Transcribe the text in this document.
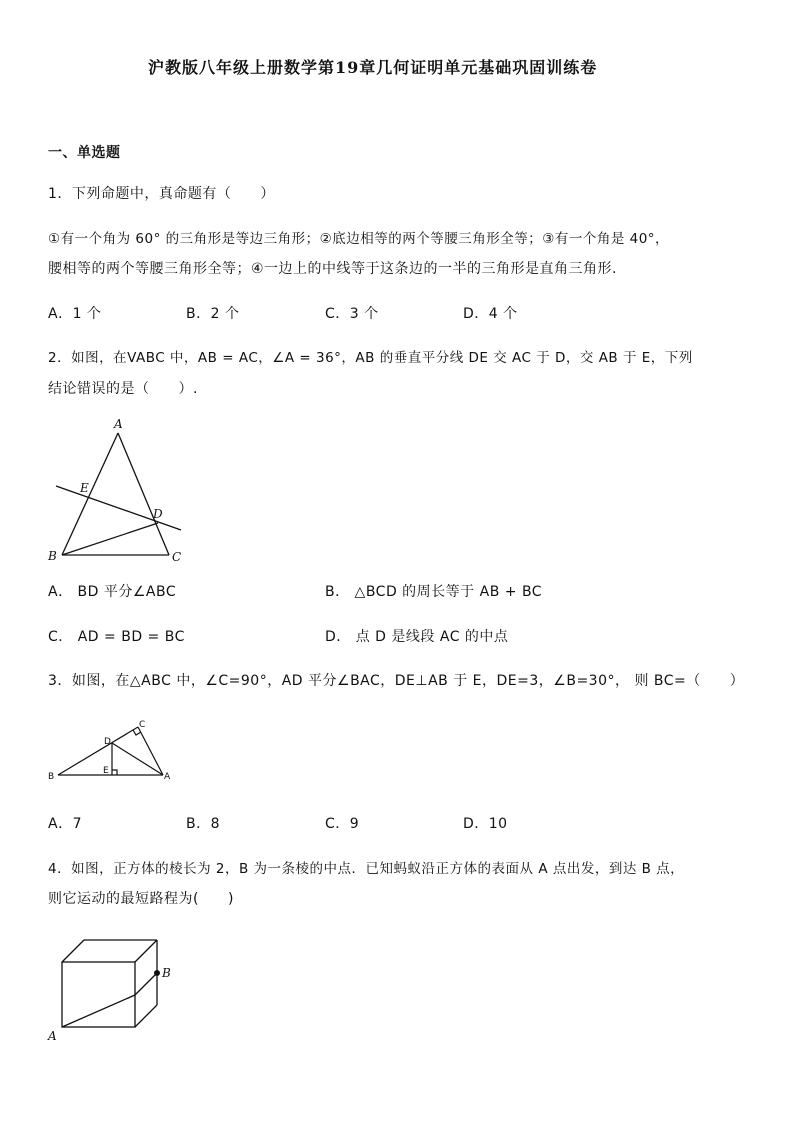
沪教版八年级上册数学第19章几何证明单元基础巩固训练卷
一、单选题
1．下列命题中，真命题有（　　）
①有一个角为 60° 的三角形是等边三角形；②底边相等的两个等腰三角形全等；③有一个角是 40°，
腰相等的两个等腰三角形全等；④一边上的中线等于这条边的一半的三角形是直角三角形.
A．1 个	B．2 个	C．3 个	D．4 个
2．如图，在VABC 中，AB = AC，∠A = 36°，AB 的垂直平分线 DE 交 AC 于 D，交 AB 于 E，下列
结论错误的是（　　）.
A
B	C
D
E
A． BD 平分∠ABC	B． △BCD 的周长等于 AB + BC
C． AD = BD = BC	D． 点 D 是线段 AC 的中点
3．如图，在△ABC 中，∠C=90°，AD 平分∠BAC，DE⊥AB 于 E，DE=3，∠B=30°， 则 BC=（　　）
B
C
D
E
A
A．7	B．8	C．9	D．10
4．如图，正方体的棱长为 2，B 为一条棱的中点．已知蚂蚁沿正方体的表面从 A 点出发，到达 B 点，
则它运动的最短路程为(　　)
B
A
